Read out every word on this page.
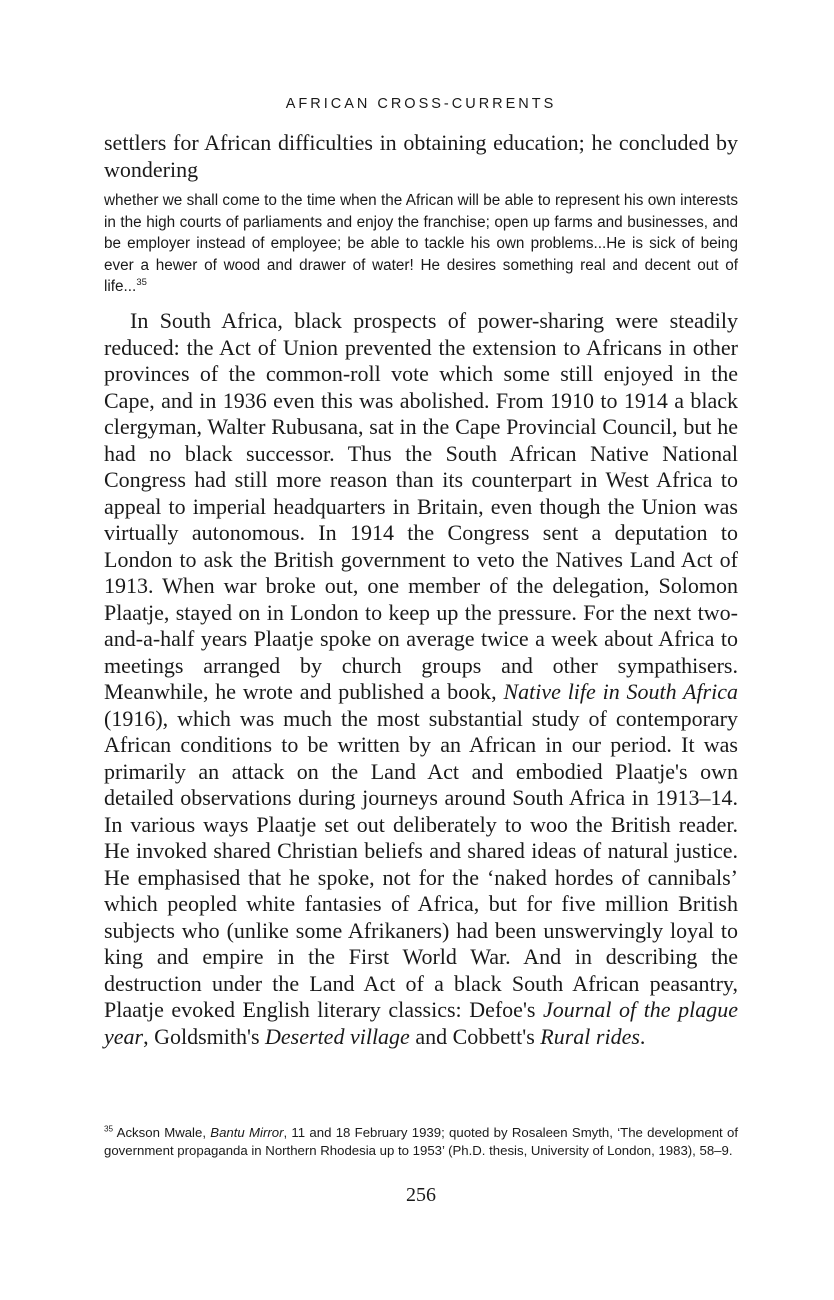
AFRICAN CROSS-CURRENTS
settlers for African difficulties in obtaining education; he concluded by wondering
whether we shall come to the time when the African will be able to represent his own interests in the high courts of parliaments and enjoy the franchise; open up farms and businesses, and be employer instead of employee; be able to tackle his own problems...He is sick of being ever a hewer of wood and drawer of water! He desires something real and decent out of life...$^{35}$
In South Africa, black prospects of power-sharing were steadily reduced: the Act of Union prevented the extension to Africans in other provinces of the common-roll vote which some still enjoyed in the Cape, and in 1936 even this was abolished. From 1910 to 1914 a black clergyman, Walter Rubusana, sat in the Cape Provincial Council, but he had no black successor. Thus the South African Native National Congress had still more reason than its counterpart in West Africa to appeal to imperial headquarters in Britain, even though the Union was virtually autonomous. In 1914 the Congress sent a deputation to London to ask the British government to veto the Natives Land Act of 1913. When war broke out, one member of the delegation, Solomon Plaatje, stayed on in London to keep up the pressure. For the next two-and-a-half years Plaatje spoke on average twice a week about Africa to meetings arranged by church groups and other sympathisers. Meanwhile, he wrote and published a book, Native life in South Africa (1916), which was much the most substantial study of contemporary African conditions to be written by an African in our period. It was primarily an attack on the Land Act and embodied Plaatje's own detailed observations during journeys around South Africa in 1913–14. In various ways Plaatje set out deliberately to woo the British reader. He invoked shared Christian beliefs and shared ideas of natural justice. He emphasised that he spoke, not for the ‘naked hordes of cannibals’ which peopled white fantasies of Africa, but for five million British subjects who (unlike some Afrikaners) had been unswervingly loyal to king and empire in the First World War. And in describing the destruction under the Land Act of a black South African peasantry, Plaatje evoked English literary classics: Defoe's Journal of the plague year, Goldsmith's Deserted village and Cobbett's Rural rides.
$^{35}$ Ackson Mwale, Bantu Mirror, 11 and 18 February 1939; quoted by Rosaleen Smyth, ‘The development of government propaganda in Northern Rhodesia up to 1953’ (Ph.D. thesis, University of London, 1983), 58–9.
256
